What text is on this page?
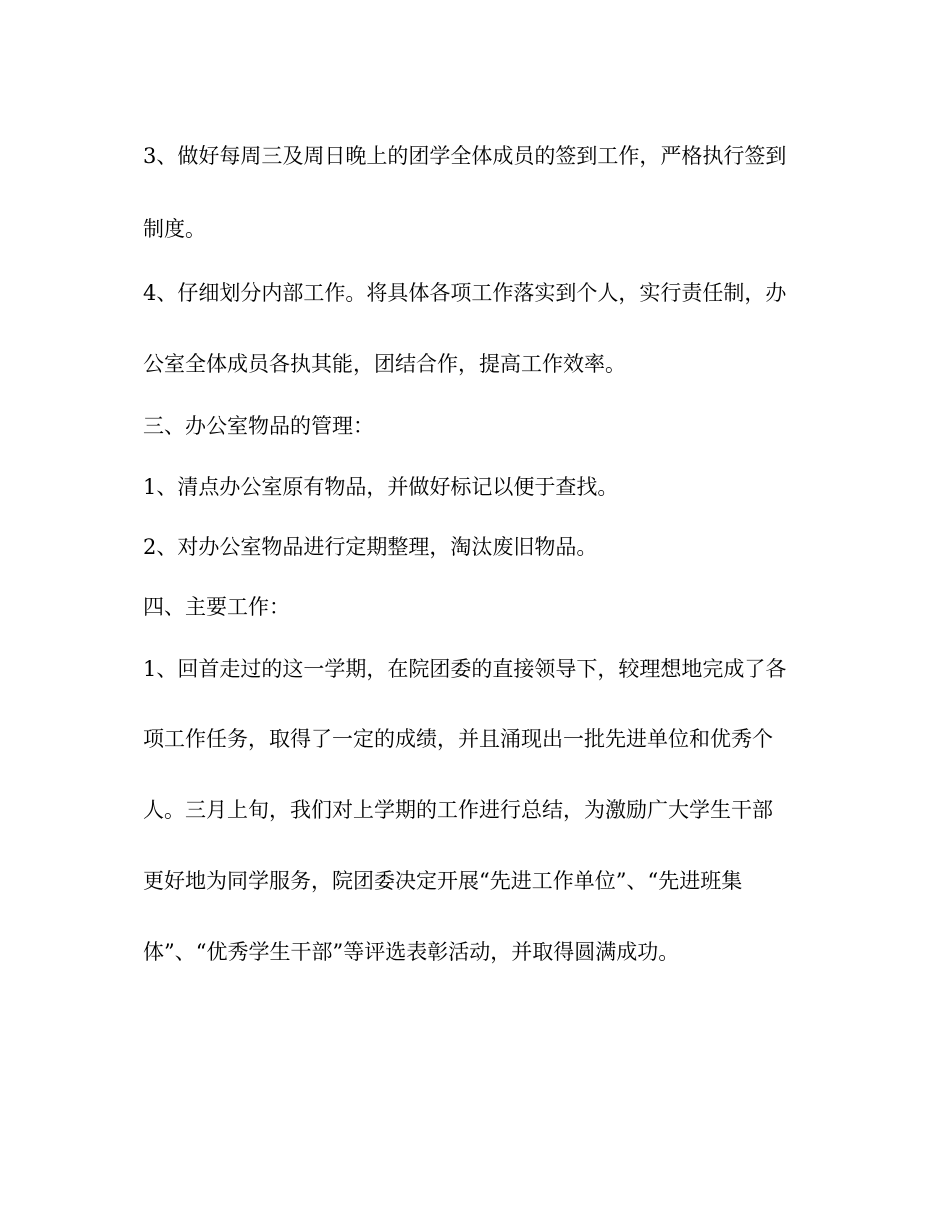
3、做好每周三及周日晚上的团学全体成员的签到工作，严格执行签到

制度。

4、仔细划分内部工作。将具体各项工作落实到个人，实行责任制，办

公室全体成员各执其能，团结合作，提高工作效率。

三、办公室物品的管理：

1、清点办公室原有物品，并做好标记以便于查找。

2、对办公室物品进行定期整理，淘汰废旧物品。

四、主要工作：

1、回首走过的这一学期，在院团委的直接领导下，较理想地完成了各

项工作任务，取得了一定的成绩，并且涌现出一批先进单位和优秀个

人。三月上旬，我们对上学期的工作进行总结，为激励广大学生干部

更好地为同学服务，院团委决定开展“先进工作单位”、“先进班集

体”、“优秀学生干部”等评选表彰活动，并取得圆满成功。
